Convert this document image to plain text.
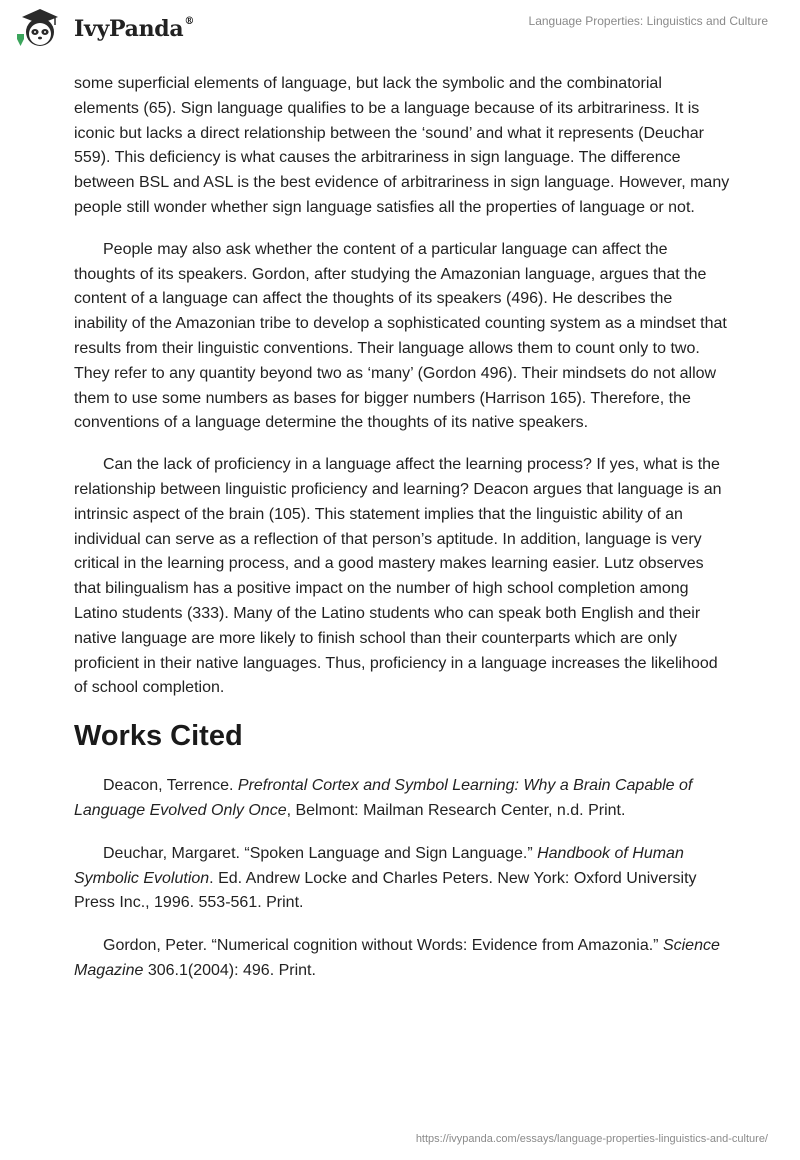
IvyPanda®	Language Properties: Linguistics and Culture

some superficial elements of language, but lack the symbolic and the combinatorial elements (65). Sign language qualifies to be a language because of its arbitrariness. It is iconic but lacks a direct relationship between the ‘sound’ and what it represents (Deuchar 559). This deficiency is what causes the arbitrariness in sign language. The difference between BSL and ASL is the best evidence of arbitrariness in sign language. However, many people still wonder whether sign language satisfies all the properties of language or not.

People may also ask whether the content of a particular language can affect the thoughts of its speakers. Gordon, after studying the Amazonian language, argues that the content of a language can affect the thoughts of its speakers (496). He describes the inability of the Amazonian tribe to develop a sophisticated counting system as a mindset that results from their linguistic conventions. Their language allows them to count only to two. They refer to any quantity beyond two as ‘many’ (Gordon 496). Their mindsets do not allow them to use some numbers as bases for bigger numbers (Harrison 165). Therefore, the conventions of a language determine the thoughts of its native speakers.

Can the lack of proficiency in a language affect the learning process? If yes, what is the relationship between linguistic proficiency and learning? Deacon argues that language is an intrinsic aspect of the brain (105). This statement implies that the linguistic ability of an individual can serve as a reflection of that person’s aptitude. In addition, language is very critical in the learning process, and a good mastery makes learning easier. Lutz observes that bilingualism has a positive impact on the number of high school completion among Latino students (333). Many of the Latino students who can speak both English and their native language are more likely to finish school than their counterparts which are only proficient in their native languages. Thus, proficiency in a language increases the likelihood of school completion.

Works Cited

Deacon, Terrence. Prefrontal Cortex and Symbol Learning: Why a Brain Capable of Language Evolved Only Once, Belmont: Mailman Research Center, n.d. Print.

Deuchar, Margaret. “Spoken Language and Sign Language.” Handbook of Human Symbolic Evolution. Ed. Andrew Locke and Charles Peters. New York: Oxford University Press Inc., 1996. 553-561. Print.

Gordon, Peter. “Numerical cognition without Words: Evidence from Amazonia.” Science Magazine 306.1(2004): 496. Print.

https://ivypanda.com/essays/language-properties-linguistics-and-culture/
